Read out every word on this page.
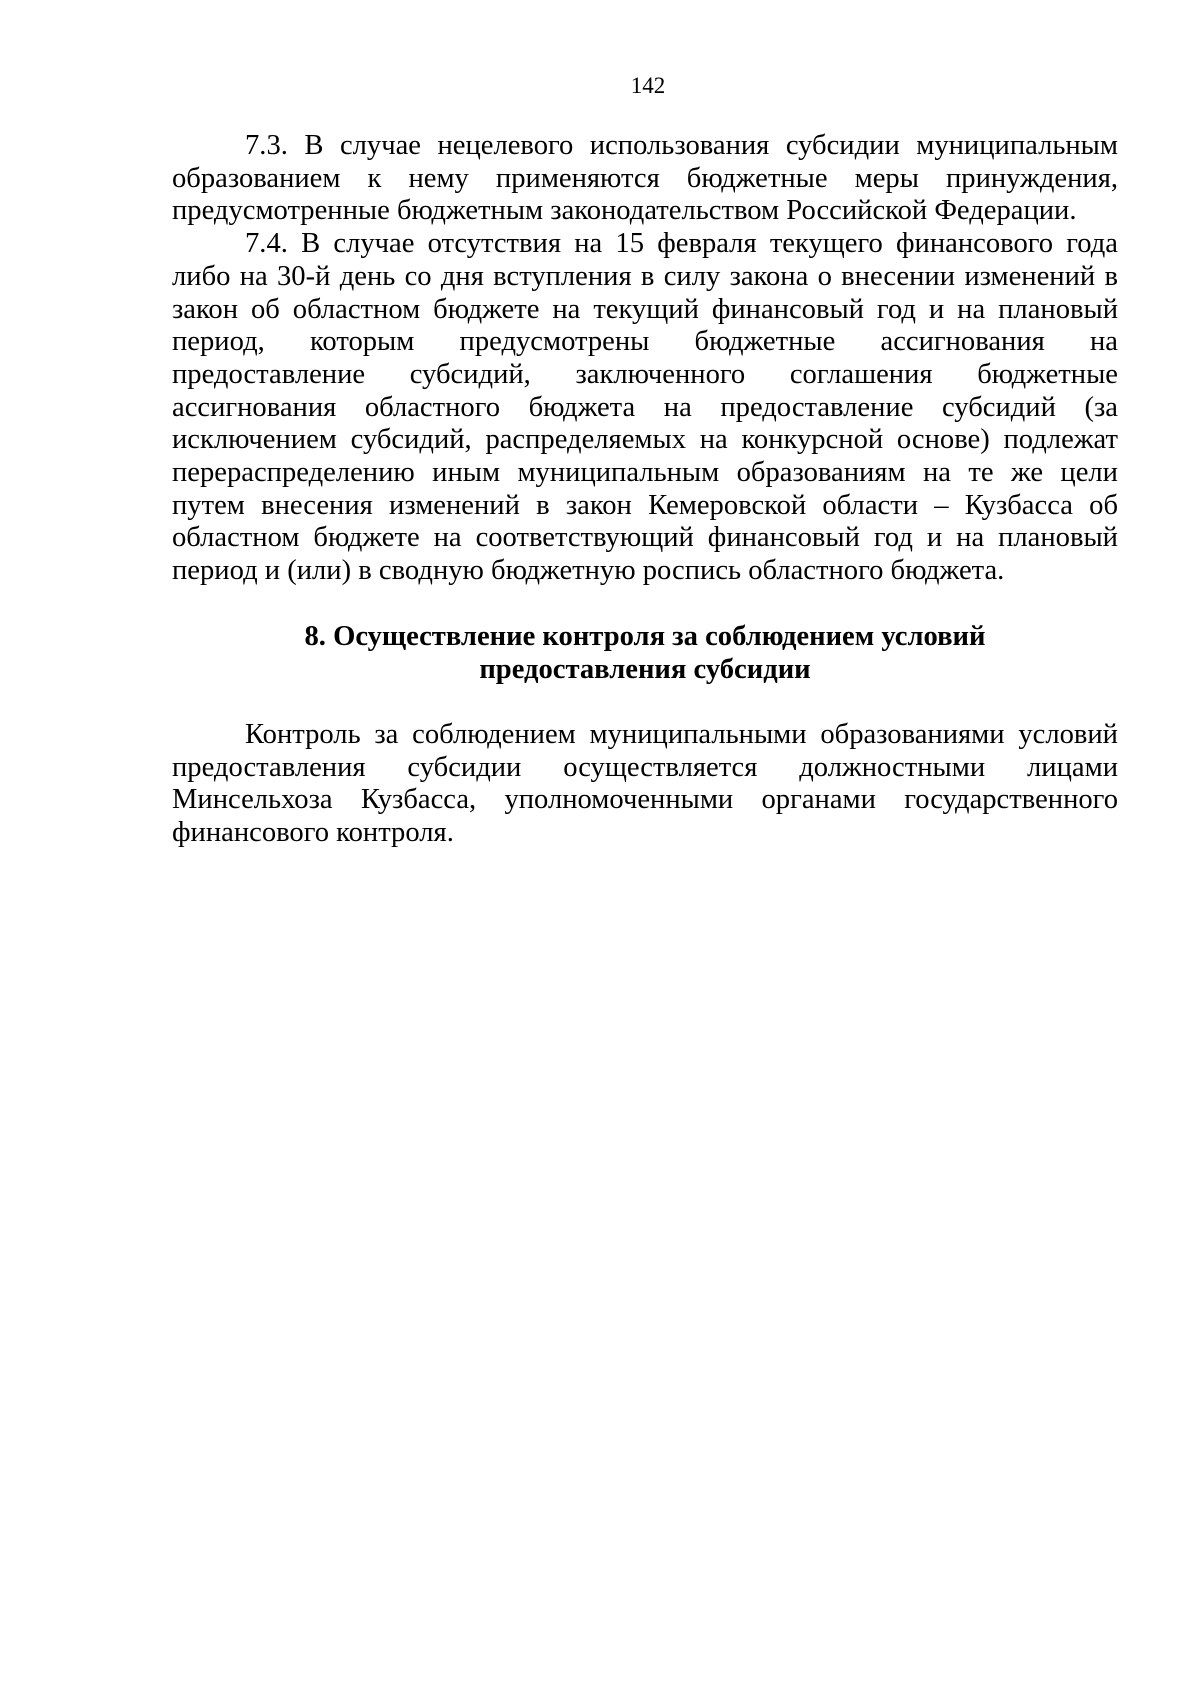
142

7.3. В случае нецелевого использования субсидии муниципальным образованием к нему применяются бюджетные меры принуждения, предусмотренные бюджетным законодательством Российской Федерации.

7.4. В случае отсутствия на 15 февраля текущего финансового года либо на 30-й день со дня вступления в силу закона о внесении изменений в закон об областном бюджете на текущий финансовый год и на плановый период, которым предусмотрены бюджетные ассигнования на предоставление субсидий, заключенного соглашения бюджетные ассигнования областного бюджета на предоставление субсидий (за исключением субсидий, распределяемых на конкурсной основе) подлежат перераспределению иным муниципальным образованиям на те же цели путем внесения изменений в закон Кемеровской области – Кузбасса об областном бюджете на соответствующий финансовый год и на плановый период и (или) в сводную бюджетную роспись областного бюджета.

8. Осуществление контроля за соблюдением условий
предоставления субсидии

Контроль за соблюдением муниципальными образованиями условий предоставления субсидии осуществляется должностными лицами Минсельхоза Кузбасса, уполномоченными органами государственного финансового контроля.
